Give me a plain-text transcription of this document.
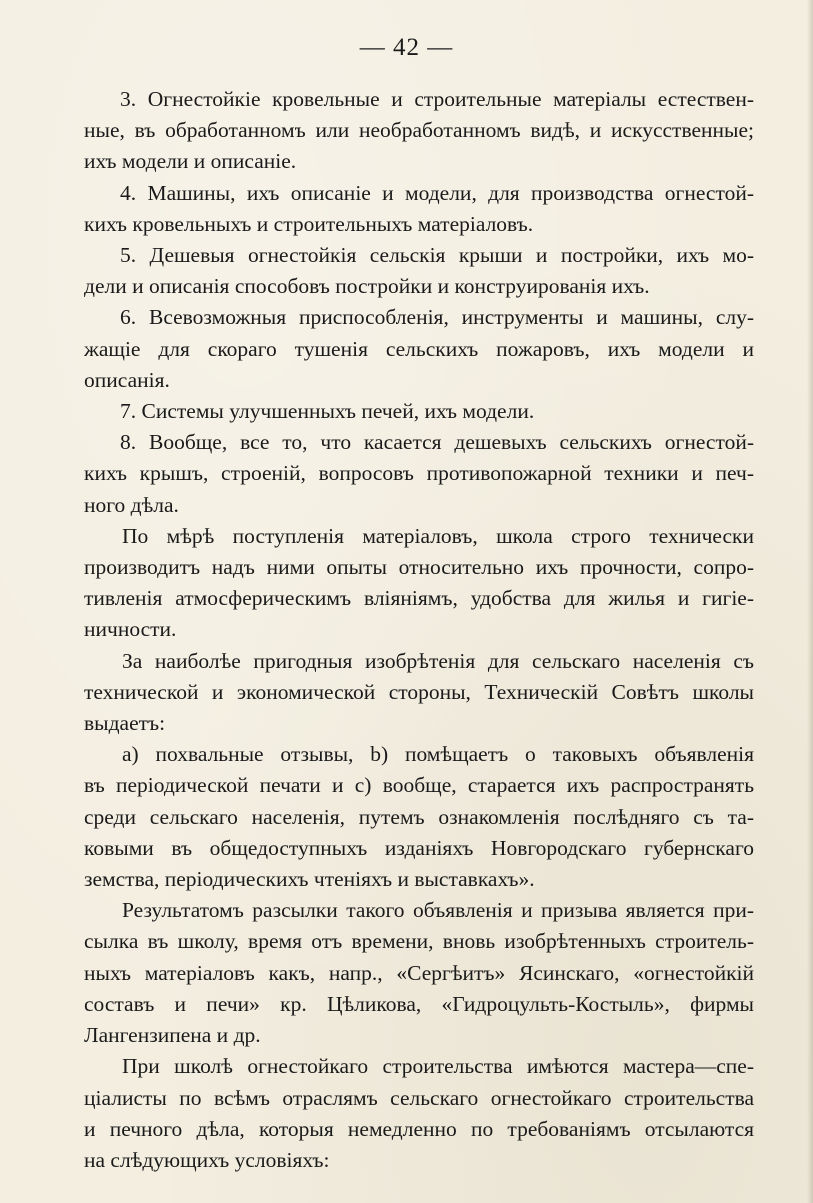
— 42 —

3. Огнестойкіе кровельные и строительные матеріалы естествен-

ные, въ обработанномъ или необработанномъ видѣ, и искусственные;

ихъ модели и описаніе.

4. Машины, ихъ описаніе и модели, для производства огнестой-

кихъ кровельныхъ и строительныхъ матеріаловъ.

5. Дешевыя огнестойкія сельскія крыши и постройки, ихъ мо-

дели и описанія способовъ постройки и конструированія ихъ.

6. Всевозможныя приспособленія, инструменты и машины, слу-

жащіе для скораго тушенія сельскихъ пожаровъ, ихъ модели и

описанія.

7. Системы улучшенныхъ печей, ихъ модели.

8. Вообще, все то, что касается дешевыхъ сельскихъ огнестой-

кихъ крышъ, строеній, вопросовъ противопожарной техники и печ-

ного дѣла.

По мѣрѣ поступленія матеріаловъ, школа строго технически

производитъ надъ ними опыты относительно ихъ прочности, сопро-

тивленія атмосферическимъ вліяніямъ, удобства для жилья и гигіе-

ничности.

За наиболѣе пригодныя изобрѣтенія для сельскаго населенія съ

технической и экономической стороны, Техническій Совѣтъ школы

выдаетъ:

a) похвальные отзывы, b) помѣщаетъ о таковыхъ объявленія

въ періодической печати и с) вообще, старается ихъ распространять

среди сельскаго населенія, путемъ ознакомленія послѣдняго съ та-

ковыми въ общедоступныхъ изданіяхъ Новгородскаго губернскаго

земства, періодическихъ чтеніяхъ и выставкахъ».

Результатомъ разсылки такого объявленія и призыва является при-

сылка въ школу, время отъ времени, вновь изобрѣтенныхъ строитель-

ныхъ матеріаловъ какъ, напр., «Сергѣитъ» Ясинскаго, «огнестойкій

составъ и печи» кр. Цѣликова, «Гидроцульть-Костыль», фирмы

Лангензипена и др.

При школѣ огнестойкаго строительства имѣются мастера—спе-

ціалисты по всѣмъ отраслямъ сельскаго огнестойкаго строительства

и печного дѣла, которыя немедленно по требованіямъ отсылаются

на слѣдующихъ условіяхъ:
